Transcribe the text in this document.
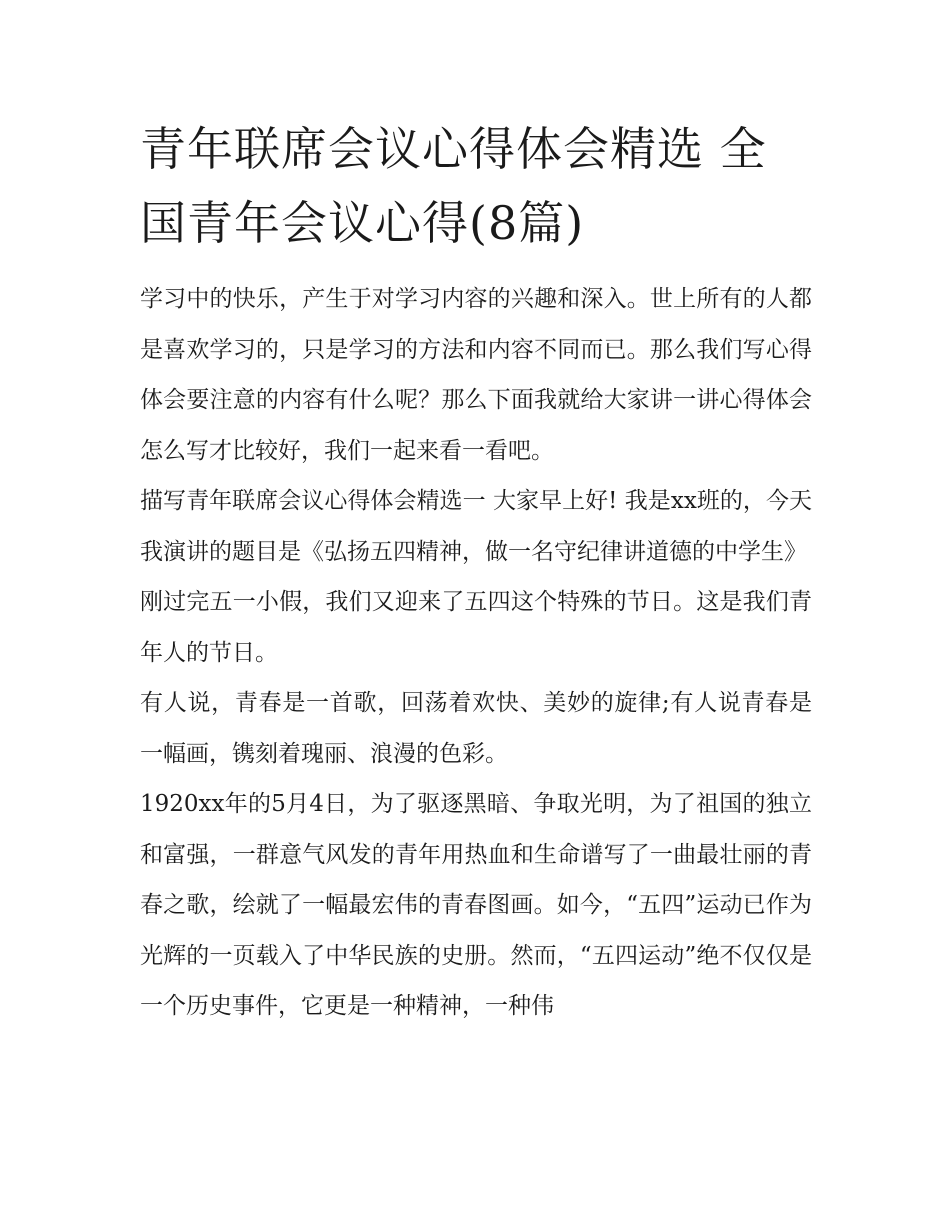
青年联席会议心得体会精选 全国青年会议心得(8篇)

学习中的快乐，产生于对学习内容的兴趣和深入。世上所有的人都是喜欢学习的，只是学习的方法和内容不同而已。那么我们写心得体会要注意的内容有什么呢？那么下面我就给大家讲一讲心得体会怎么写才比较好，我们一起来看一看吧。

描写青年联席会议心得体会精选一 大家早上好! 我是xx班的，今天我演讲的题目是《弘扬五四精神，做一名守纪律讲道德的中学生》

刚过完五一小假，我们又迎来了五四这个特殊的节日。这是我们青年人的节日。

有人说，青春是一首歌，回荡着欢快、美妙的旋律;有人说青春是一幅画，镌刻着瑰丽、浪漫的色彩。

1920xx年的5月4日，为了驱逐黑暗、争取光明，为了祖国的独立和富强，一群意气风发的青年用热血和生命谱写了一曲最壮丽的青春之歌，绘就了一幅最宏伟的青春图画。如今，“五四”运动已作为光辉的一页载入了中华民族的史册。然而，“五四运动”绝不仅仅是一个历史事件，它更是一种精神，一种伟
